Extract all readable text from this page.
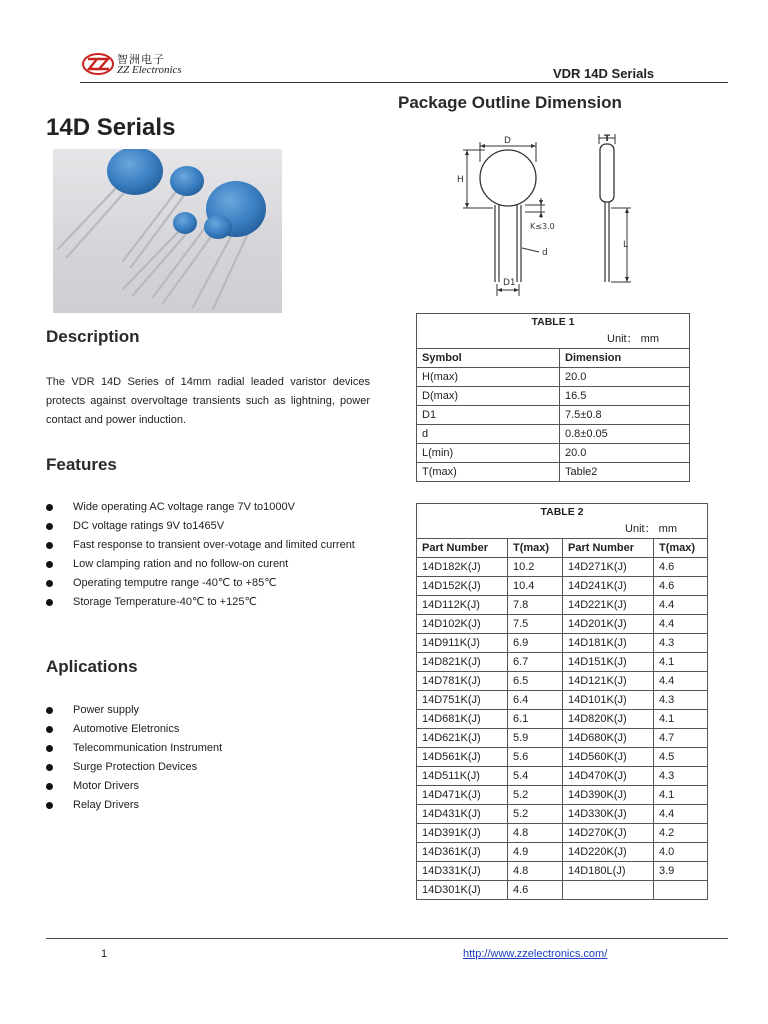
智洲电子
ZZ Electronics	VDR 14D Serials
Package Outline Dimension
14D Serials	D	T
H
K≤3.0
d
L
D1
Description
The VDR 14D Series of 14mm radial leaded varistor devices protects against overvoltage transients such as lightning, power contact and power induction.
Features
Wide operating AC voltage range 7V to1000V
DC voltage ratings 9V to1465V
Fast response to transient over-votage and limited current
Low clamping ration and no follow-on curent
Operating temputre range -40℃ to +85℃
Storage Temperature-40℃ to +125℃
Aplications
Power supply
Automotive Eletronics
Telecommunication Instrument
Surge Protection Devices
Motor Drivers
Relay Drivers
TABLE 1	
Unit： mm	
Symbol	Dimension
H(max)	20.0
D(max)	16.5
D1	7.5±0.8
d	0.8±0.05
L(min)	20.0
T(max)	Table2
TABLE 2			
Unit： mm			
Part Number	T(max)	Part Number	T(max)
14D182K(J)	10.2	14D271K(J)	4.6
14D152K(J)	10.4	14D241K(J)	4.6
14D112K(J)	7.8	14D221K(J)	4.4
14D102K(J)	7.5	14D201K(J)	4.4
14D911K(J)	6.9	14D181K(J)	4.3
14D821K(J)	6.7	14D151K(J)	4.1
14D781K(J)	6.5	14D121K(J)	4.4
14D751K(J)	6.4	14D101K(J)	4.3
14D681K(J)	6.1	14D820K(J)	4.1
14D621K(J)	5.9	14D680K(J)	4.7
14D561K(J)	5.6	14D560K(J)	4.5
14D511K(J)	5.4	14D470K(J)	4.3
14D471K(J)	5.2	14D390K(J)	4.1
14D431K(J)	5.2	14D330K(J)	4.4
14D391K(J)	4.8	14D270K(J)	4.2
14D361K(J)	4.9	14D220K(J)	4.0
14D331K(J)	4.8	14D180L(J)	3.9
14D301K(J)	4.6		
1	http://www.zzelectronics.com/
